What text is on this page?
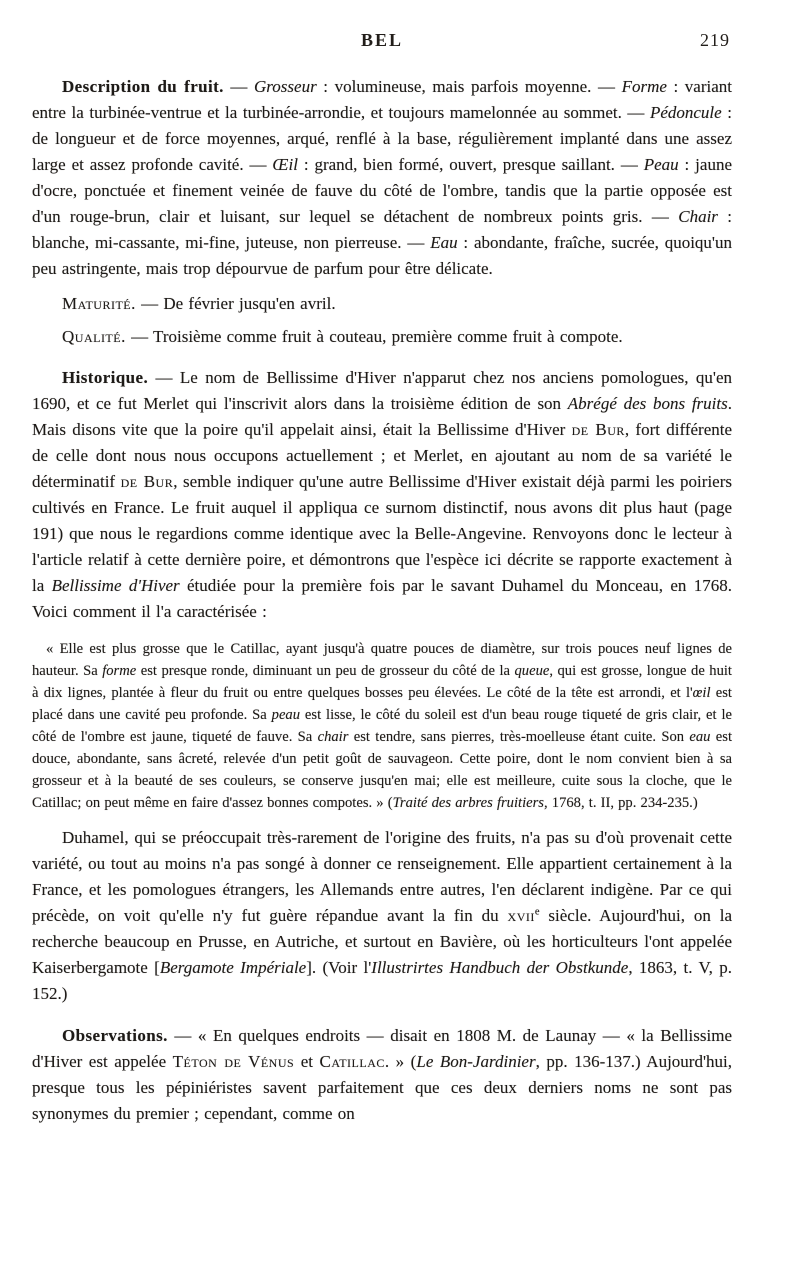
BEL	219

Description du fruit. — Grosseur : volumineuse, mais parfois moyenne. — Forme : variant entre la turbinée-ventrue et la turbinée-arrondie, et toujours mamelonnée au sommet. — Pédoncule : de longueur et de force moyennes, arqué, renflé à la base, régulièrement implanté dans une assez large et assez profonde cavité. — Œil : grand, bien formé, ouvert, presque saillant. — Peau : jaune d'ocre, ponctuée et finement veinée de fauve du côté de l'ombre, tandis que la partie opposée est d'un rouge-brun, clair et luisant, sur lequel se détachent de nombreux points gris. — Chair : blanche, mi-cassante, mi-fine, juteuse, non pierreuse. — Eau : abondante, fraîche, sucrée, quoiqu'un peu astringente, mais trop dépourvue de parfum pour être délicate.

Maturité. — De février jusqu'en avril.

Qualité. — Troisième comme fruit à couteau, première comme fruit à compote.

Historique. — Le nom de Bellissime d'Hiver n'apparut chez nos anciens pomologues, qu'en 1690, et ce fut Merlet qui l'inscrivit alors dans la troisième édition de son Abrégé des bons fruits. Mais disons vite que la poire qu'il appelait ainsi, était la Bellissime d'Hiver de Bur, fort différente de celle dont nous nous occupons actuellement ; et Merlet, en ajoutant au nom de sa variété le déterminatif de Bur, semble indiquer qu'une autre Bellissime d'Hiver existait déjà parmi les poiriers cultivés en France. Le fruit auquel il appliqua ce surnom distinctif, nous avons dit plus haut (page 191) que nous le regardions comme identique avec la Belle-Angevine. Renvoyons donc le lecteur à l'article relatif à cette dernière poire, et démontrons que l'espèce ici décrite se rapporte exactement à la Bellissime d'Hiver étudiée pour la première fois par le savant Duhamel du Monceau, en 1768. Voici comment il l'a caractérisée :

« Elle est plus grosse que le Catillac, ayant jusqu'à quatre pouces de diamètre, sur trois pouces neuf lignes de hauteur. Sa forme est presque ronde, diminuant un peu de grosseur du côté de la queue, qui est grosse, longue de huit à dix lignes, plantée à fleur du fruit ou entre quelques bosses peu élevées. Le côté de la tête est arrondi, et l'œil est placé dans une cavité peu profonde. Sa peau est lisse, le côté du soleil est d'un beau rouge tiqueté de gris clair, et le côté de l'ombre est jaune, tiqueté de fauve. Sa chair est tendre, sans pierres, très-moelleuse étant cuite. Son eau est douce, abondante, sans âcreté, relevée d'un petit goût de sauvageon. Cette poire, dont le nom convient bien à sa grosseur et à la beauté de ses couleurs, se conserve jusqu'en mai; elle est meilleure, cuite sous la cloche, que le Catillac; on peut même en faire d'assez bonnes compotes. » (Traité des arbres fruitiers, 1768, t. II, pp. 234-235.)

Duhamel, qui se préoccupait très-rarement de l'origine des fruits, n'a pas su d'où provenait cette variété, ou tout au moins n'a pas songé à donner ce renseignement. Elle appartient certainement à la France, et les pomologues étrangers, les Allemands entre autres, l'en déclarent indigène. Par ce qui précède, on voit qu'elle n'y fut guère répandue avant la fin du xvii$^e$ siècle. Aujourd'hui, on la recherche beaucoup en Prusse, en Autriche, et surtout en Bavière, où les horticulteurs l'ont appelée Kaiserbergamote [Bergamote Impériale]. (Voir l'Illustrirtes Handbuch der Obstkunde, 1863, t. V, p. 152.)

Observations. — « En quelques endroits — disait en 1808 M. de Launay — « la Bellissime d'Hiver est appelée Téton de Vénus et Catillac. » (Le Bon-Jardinier, pp. 136-137.) Aujourd'hui, presque tous les pépiniéristes savent parfaitement que ces deux derniers noms ne sont pas synonymes du premier ; cependant, comme on
